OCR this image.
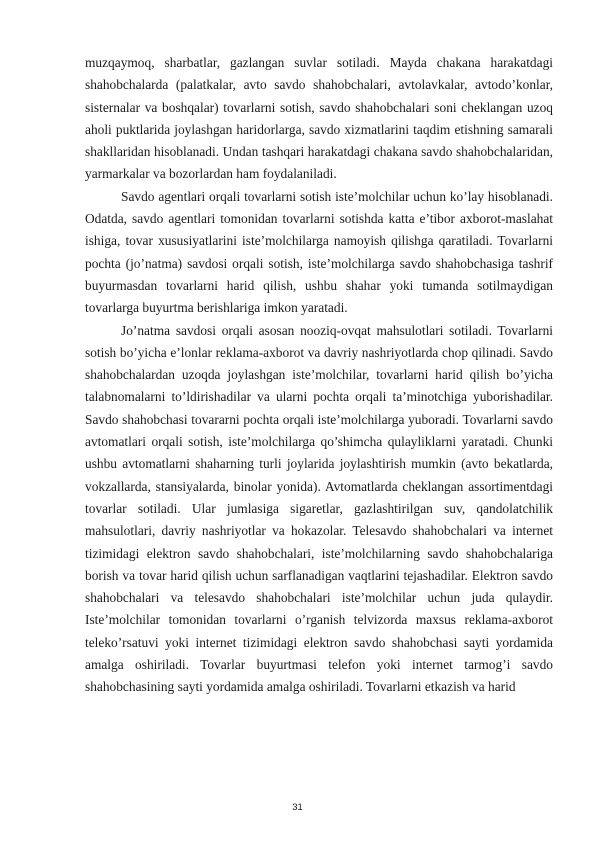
muzqaymoq, sharbatlar, gazlangan suvlar sotiladi. Mayda chakana harakatdagi shahobchalarda (palatkalar, avto savdo shahobchalari, avtolavkalar, avtodo’konlar, sisternalar va boshqalar) tovarlarni sotish, savdo shahobchalari soni cheklangan uzoq aholi puktlarida joylashgan haridorlarga, savdo xizmatlarini taqdim etishning samarali shakllaridan hisoblanadi. Undan tashqari harakatdagi chakana savdo shahobchalaridan, yarmarkalar va bozorlardan ham foydalaniladi.

Savdo agentlari orqali tovarlarni sotish iste’molchilar uchun ko’lay hisoblanadi. Odatda, savdo agentlari tomonidan tovarlarni sotishda katta e’tibor axborot-maslahat ishiga, tovar xususiyatlarini iste’molchilarga namoyish qilishga qaratiladi. Tovarlarni pochta (jo’natma) savdosi orqali sotish, iste’molchilarga savdo shahobchasiga tashrif buyurmasdan tovarlarni harid qilish, ushbu shahar yoki tumanda sotilmaydigan tovarlarga buyurtma berishlariga imkon yaratadi.

Jo’natma savdosi orqali asosan nooziq-ovqat mahsulotlari sotiladi. Tovarlarni sotish bo’yicha e’lonlar reklama-axborot va davriy nashriyotlarda chop qilinadi. Savdo shahobchalardan uzoqda joylashgan iste’molchilar, tovarlarni harid qilish bo’yicha talabnomalarni to’ldirishadilar va ularni pochta orqali ta’minotchiga yuborishadilar. Savdo shahobchasi tovararni pochta orqali iste’molchilarga yuboradi. Tovarlarni savdo avtomatlari orqali sotish, iste’molchilarga qo’shimcha qulayliklarni yaratadi. Chunki ushbu avtomatlarni shaharning turli joylarida joylashtirish mumkin (avto bekatlarda, vokzallarda, stansiyalarda, binolar yonida). Avtomatlarda cheklangan assortimentdagi tovarlar sotiladi. Ular jumlasiga sigaretlar, gazlashtirilgan suv, qandolatchilik mahsulotlari, davriy nashriyotlar va hokazolar. Telesavdo shahobchalari va internet tizimidagi elektron savdo shahobchalari, iste’molchilarning savdo shahobchalariga borish va tovar harid qilish uchun sarflanadigan vaqtlarini tejashadilar. Elektron savdo shahobchalari va telesavdo shahobchalari iste’molchilar uchun juda qulaydir. Iste’molchilar tomonidan tovarlarni o’rganish telvizorda maxsus reklama-axborot teleko’rsatuvi yoki internet tizimidagi elektron savdo shahobchasi sayti yordamida amalga oshiriladi. Tovarlar buyurtmasi telefon yoki internet tarmog’i savdo shahobchasining sayti yordamida amalga oshiriladi. Tovarlarni etkazish va harid

31
